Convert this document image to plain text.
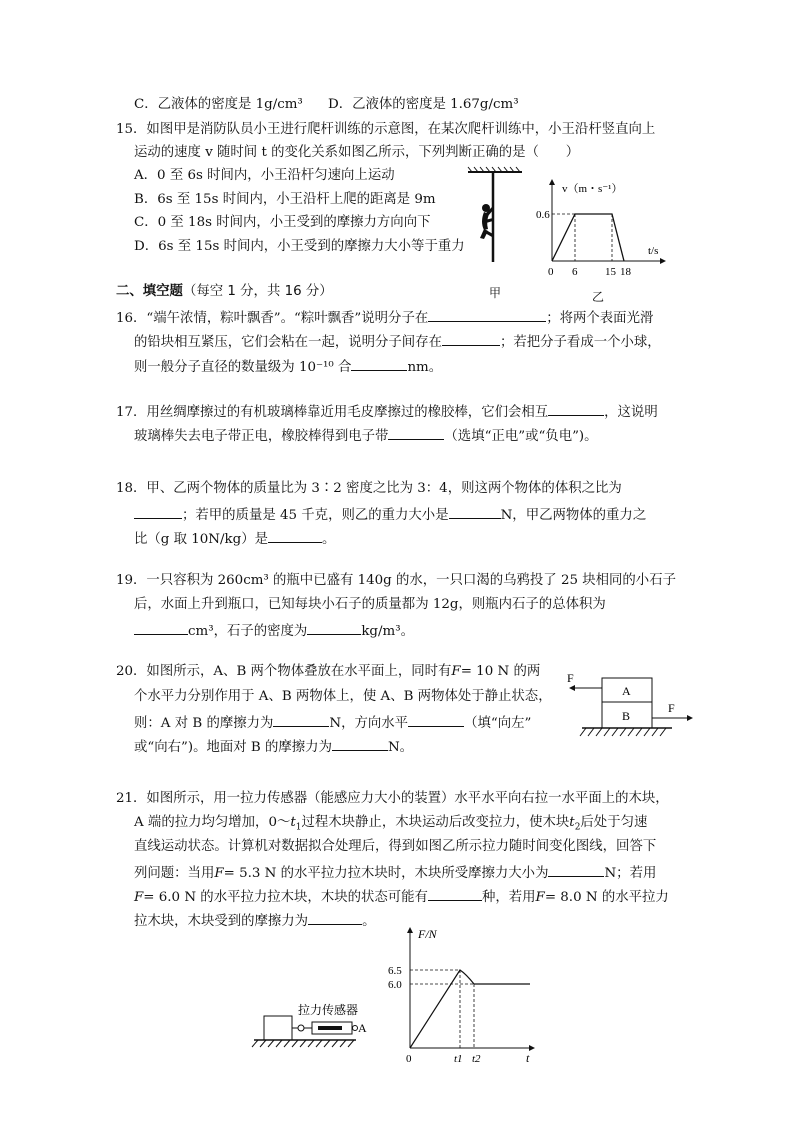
C．乙液体的密度是 1g/cm³ D．乙液体的密度是 1.67g/cm³
15．如图甲是消防队员小王进行爬杆训练的示意图，在某次爬杆训练中，小王沿杆竖直向上
运动的速度 v 随时间 t 的变化关系如图乙所示，下列判断正确的是（　　）
A．0 至 6s 时间内，小王沿杆匀速向上运动
B．6s 至 15s 时间内，小王沿杆上爬的距离是 9m
C．0 至 18s 时间内，小王受到的摩擦力方向向下
D．6s 至 15s 时间内，小王受到的摩擦力大小等于重力
甲
v（m・s⁻¹）
0.6
t/s
0 6	15 18
乙
二、填空题（每空 1 分，共 16 分）
16．“端午浓情，粽叶飘香”。“粽叶飘香”说明分子在	；将两个表面光滑
的铅块相互紧压，它们会粘在一起，说明分子间存在	；若把分子看成一个小球，
则一般分子直径的数量级为 10⁻¹⁰ 合	nm。
17．用丝绸摩擦过的有机玻璃棒靠近用毛皮摩擦过的橡胶棒，它们会相互	，这说明
玻璃棒失去电子带正电，橡胶棒得到电子带	（选填“正电”或“负电”)。
18．甲、乙两个物体的质量比为 3∶2 密度之比为 3：4，则这两个物体的体积之比为
；若甲的质量是 45 千克，则乙的重力大小是	N，甲乙两物体的重力之
比（g 取 10N/kg）是	。
19．一只容积为 260cm³ 的瓶中已盛有 140g 的水，一只口渴的乌鸦投了 25 块相同的小石子
后，水面上升到瓶口，已知每块小石子的质量都为 12g，则瓶内石子的总体积为
cm³，石子的密度为	kg/m³。
20．如图所示，A、B 两个物体叠放在水平面上，同时有F= 10 N 的两
个水平力分别作用于 A、B 两物体上，使 A、B 两物体处于静止状态，
则：A 对 B 的摩擦力为	N，方向水平	（填“向左”
或“向右”)。地面对 B 的摩擦力为	N。
F
F
A
B
21．如图所示，用一拉力传感器（能感应力大小的装置）水平水平向右拉一水平面上的木块，
A 端的拉力均匀增加，$0\sim t_1$过程木块静止，木块运动后改变拉力，使木块$t_2$后处于匀速
直线运动状态。计算机对数据拟合处理后，得到如图乙所示拉力随时间变化图线，回答下
列问题：当用F= 5.3 N 的水平拉力拉木块时，木块所受摩擦力大小为	N；若用
F= 6.0 N 的水平拉力拉木块，木块的状态可能有	种，若用F= 8.0 N 的水平拉力
拉木块，木块受到的摩擦力为	。
拉力传感器
A
F/N
6.5
6.0
0	t1 t2	t
